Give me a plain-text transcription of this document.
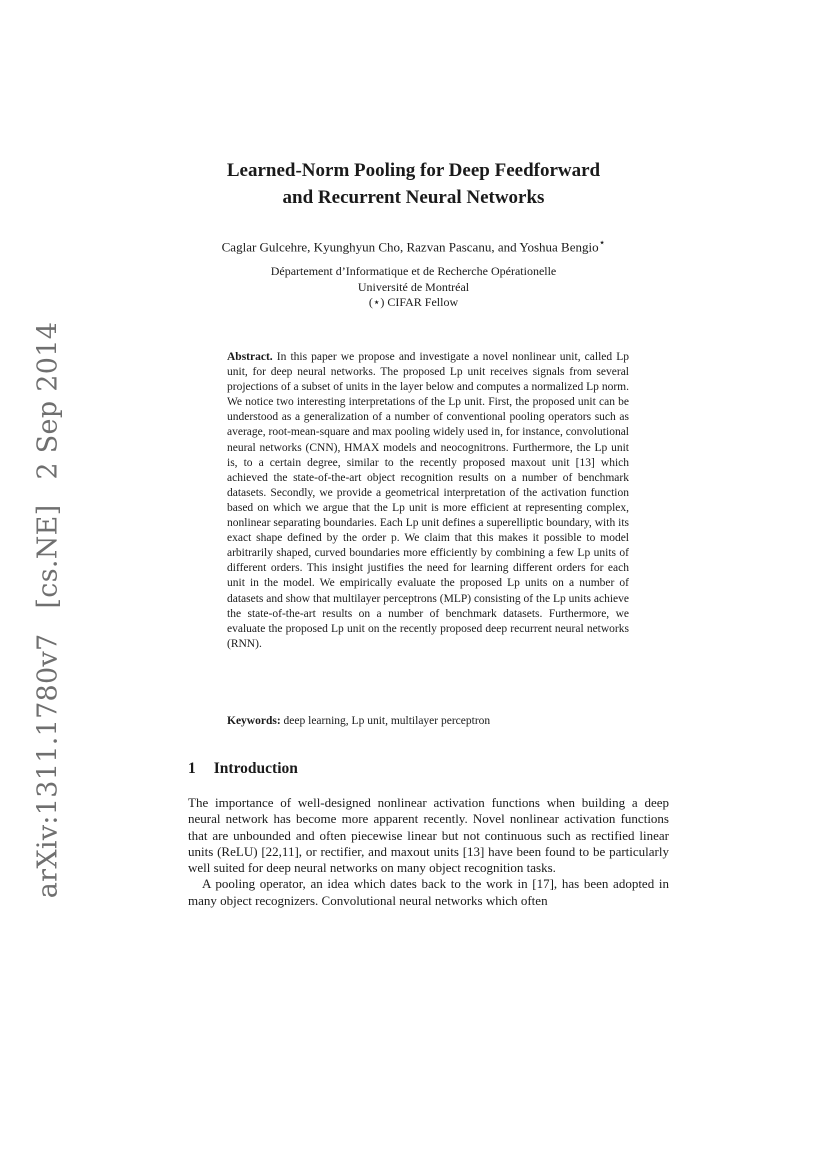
arXiv:1311.1780v7 [cs.NE] 2 Sep 2014
Learned-Norm Pooling for Deep Feedforward
and Recurrent Neural Networks
Caglar Gulcehre, Kyunghyun Cho, Razvan Pascanu, and Yoshua Bengio⋆
Département d’Informatique et de Recherche Opérationelle
Université de Montréal
(⋆) CIFAR Fellow
Abstract. In this paper we propose and investigate a novel nonlinear unit, called Lp unit, for deep neural networks. The proposed Lp unit receives signals from several projections of a subset of units in the layer below and computes a normalized Lp norm. We notice two interesting interpretations of the Lp unit. First, the proposed unit can be understood as a generalization of a number of conventional pooling operators such as average, root-mean-square and max pooling widely used in, for instance, convolutional neural networks (CNN), HMAX models and neocognitrons. Furthermore, the Lp unit is, to a certain degree, similar to the recently proposed maxout unit [13] which achieved the state-of-the-art object recognition results on a number of benchmark datasets. Secondly, we provide a geometrical interpretation of the activation function based on which we argue that the Lp unit is more efficient at representing complex, nonlinear separating boundaries. Each Lp unit defines a superelliptic boundary, with its exact shape defined by the order p. We claim that this makes it possible to model arbitrarily shaped, curved boundaries more efficiently by combining a few Lp units of different orders. This insight justifies the need for learning different orders for each unit in the model. We empirically evaluate the proposed Lp units on a number of datasets and show that multilayer perceptrons (MLP) consisting of the Lp units achieve the state-of-the-art results on a number of benchmark datasets. Furthermore, we evaluate the proposed Lp unit on the recently proposed deep recurrent neural networks (RNN).
Keywords: deep learning, Lp unit, multilayer perceptron
1 Introduction

The importance of well-designed nonlinear activation functions when building a deep neural network has become more apparent recently. Novel nonlinear activation functions that are unbounded and often piecewise linear but not continuous such as rectified linear units (ReLU) [22,11], or rectifier, and maxout units [13] have been found to be particularly well suited for deep neural networks on many object recognition tasks.

A pooling operator, an idea which dates back to the work in [17], has been adopted in many object recognizers. Convolutional neural networks which often
